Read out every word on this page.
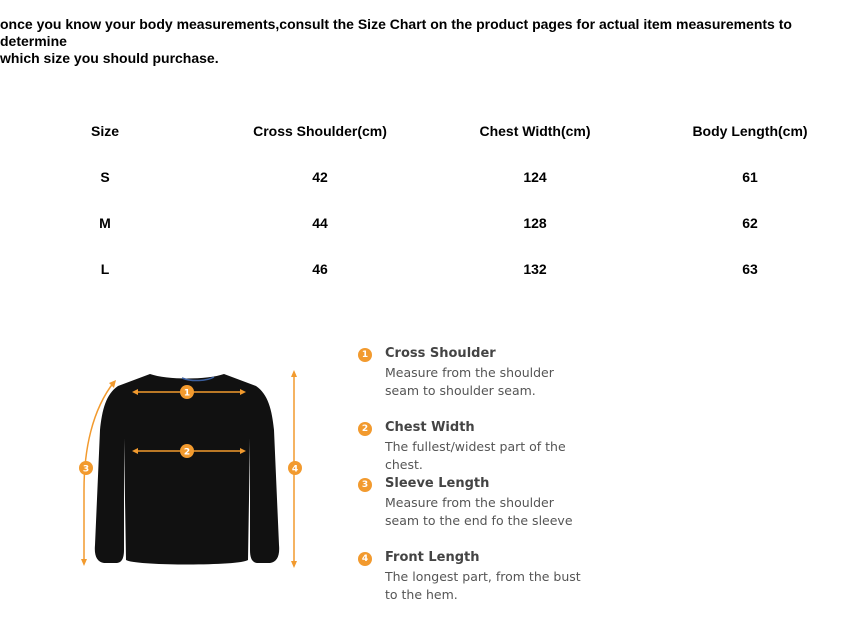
once you know your body measurements,consult the Size Chart on the product pages for actual item measurements to determine
which size you should purchase.
Size	Cross Shoulder(cm)	Chest Width(cm)	Body Length(cm)
S	42	124	61
M	44	128	62
L	46	132	63
1
2
3	4
1 Cross Shoulder
Measure from the shoulder seam to shoulder seam.
2 Chest Width
The fullest/widest part of the chest.
3 Sleeve Length
Measure from the shoulder seam to the end fo the sleeve
4 Front Length
The longest part, from the bust to the hem.
